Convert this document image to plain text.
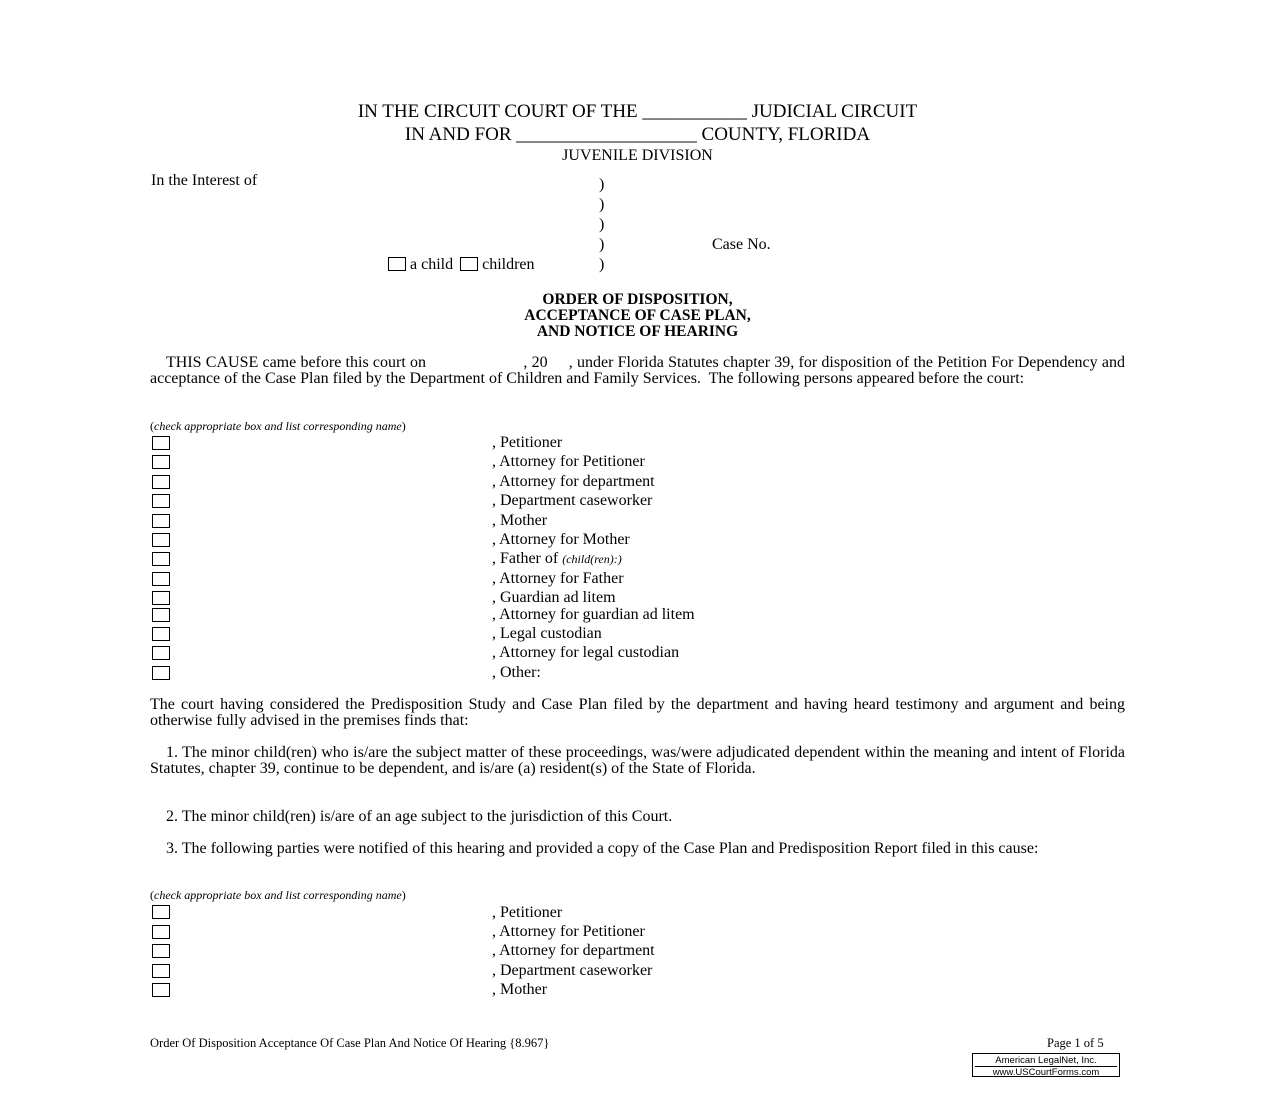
IN THE CIRCUIT COURT OF THE ___________ JUDICIAL CIRCUIT
IN AND FOR ___________________ COUNTY, FLORIDA
JUVENILE DIVISION
In the Interest of	)
)
)
)
)
Case No.
a child children
ORDER OF DISPOSITION,
ACCEPTANCE OF CASE PLAN,
AND NOTICE OF HEARING
THIS CAUSE came before this court on                       , 20     , under Florida Statutes chapter 39, for disposition of the Petition For Dependency and acceptance of the Case Plan filed by the Department of Children and Family Services.  The following persons appeared before the court:
(check appropriate box and list corresponding name)
, Petitioner
, Attorney for Petitioner
, Attorney for department
, Department caseworker
, Mother
, Attorney for Mother
, Father of (child(ren):)
, Attorney for Father
, Guardian ad litem
, Attorney for guardian ad litem
, Legal custodian
, Attorney for legal custodian
, Other:
The court having considered the Predisposition Study and Case Plan filed by the department and having heard testimony and argument and being otherwise fully advised in the premises finds that:
1. The minor child(ren) who is/are the subject matter of these proceedings, was/were adjudicated dependent within the meaning and intent of Florida Statutes, chapter 39, continue to be dependent, and is/are (a) resident(s) of the State of Florida.
2. The minor child(ren) is/are of an age subject to the jurisdiction of this Court.
3. The following parties were notified of this hearing and provided a copy of the Case Plan and Predisposition Report filed in this cause:
(check appropriate box and list corresponding name)
, Petitioner
, Attorney for Petitioner
, Attorney for department
, Department caseworker
, Mother
Order Of Disposition Acceptance Of Case Plan And Notice Of Hearing {8.967}	Page 1 of 5
American LegalNet, Inc.
www.USCourtForms.com
